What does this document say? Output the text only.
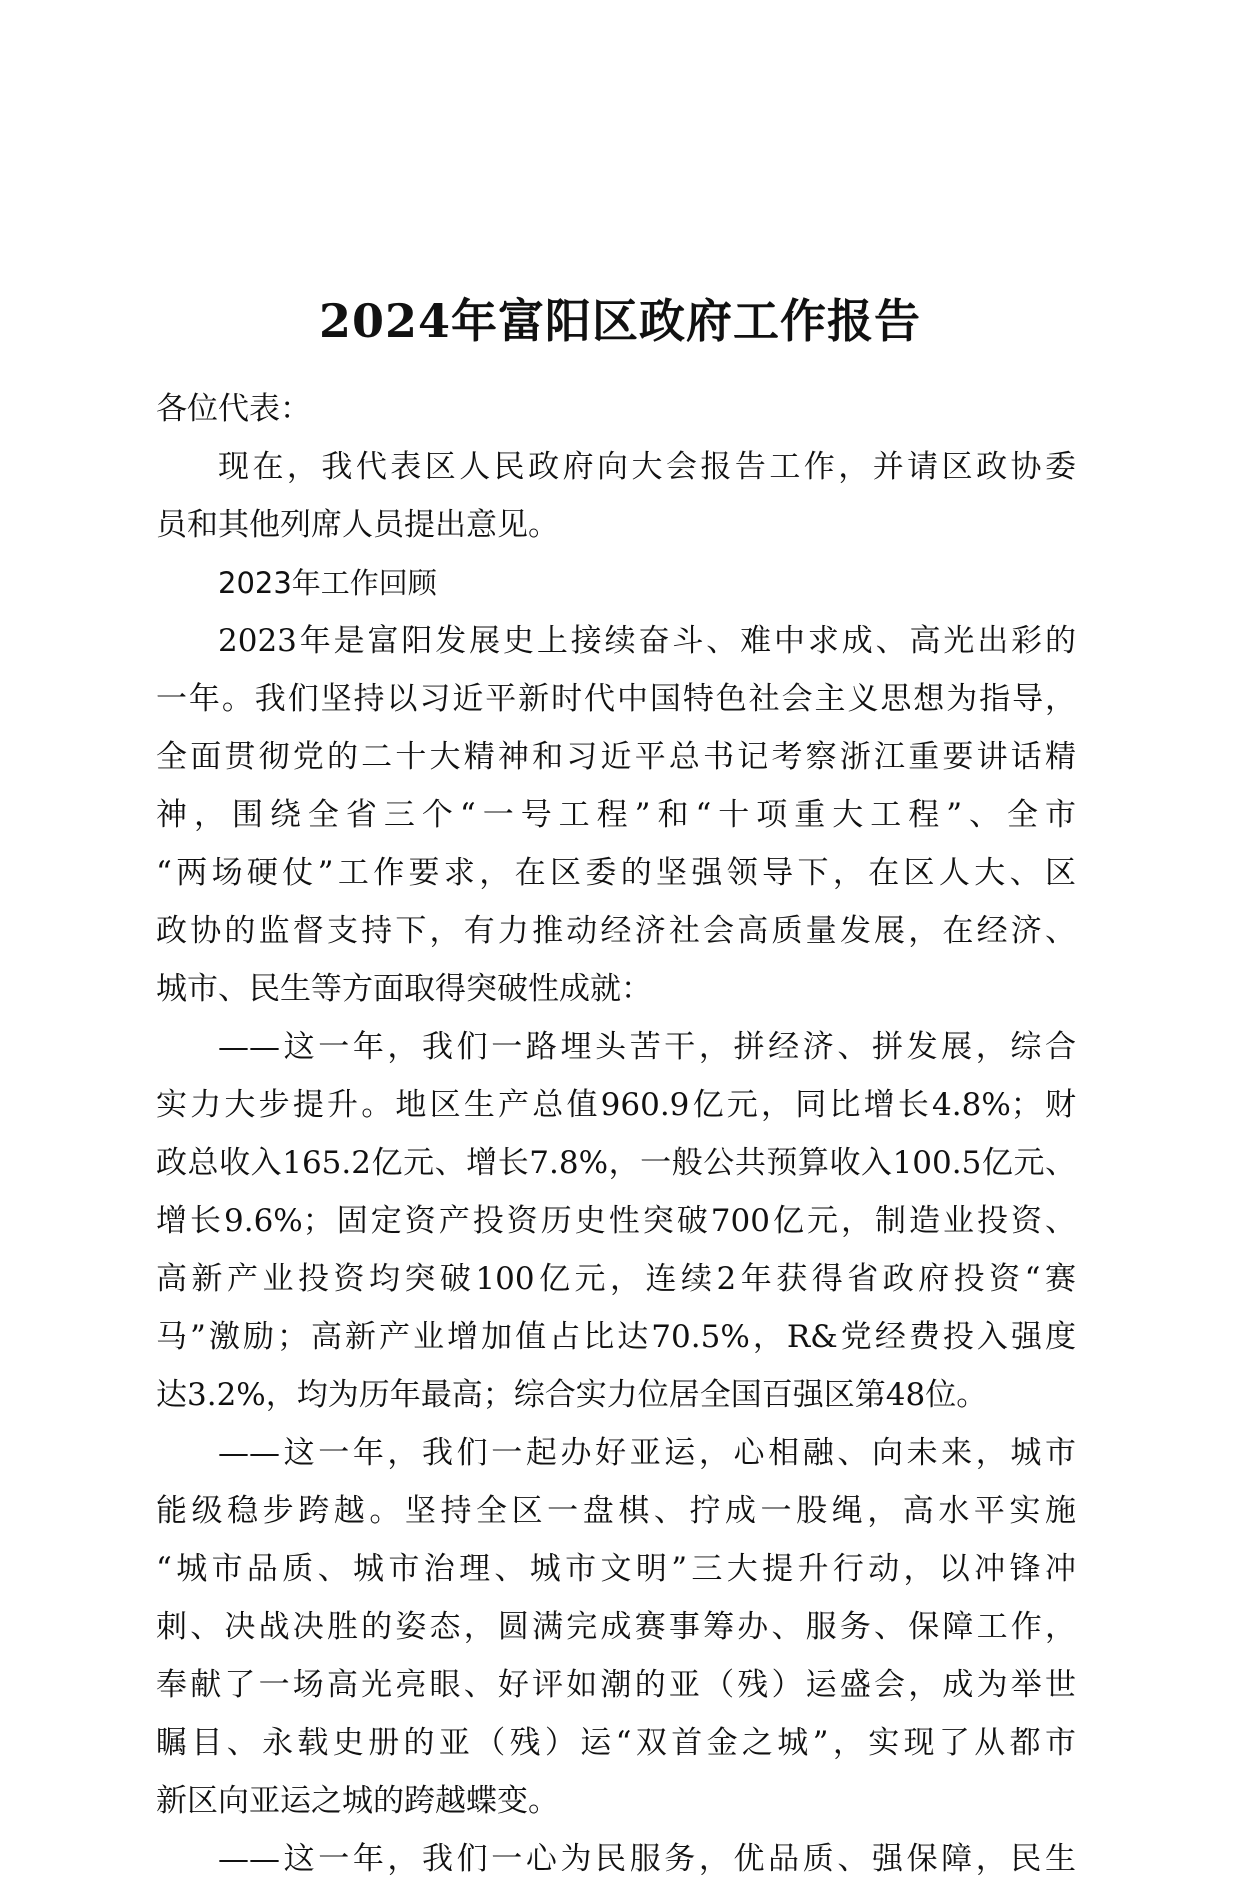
2024年富阳区政府工作报告
各位代表：
现在，我代表区人民政府向大会报告工作，并请区政协委
员和其他列席人员提出意见。
2023年工作回顾
2023年是富阳发展史上接续奋斗、难中求成、高光出彩的
一年。我们坚持以习近平新时代中国特色社会主义思想为指导，
全面贯彻党的二十大精神和习近平总书记考察浙江重要讲话精
神，围绕全省三个“一号工程”和“十项重大工程”、全市
“两场硬仗”工作要求，在区委的坚强领导下，在区人大、区
政协的监督支持下，有力推动经济社会高质量发展，在经济、
城市、民生等方面取得突破性成就：
——这一年，我们一路埋头苦干，拼经济、拼发展，综合
实力大步提升。地区生产总值960.9亿元，同比增长4.8%；财
政总收入165.2亿元、增长7.8%，一般公共预算收入100.5亿元、
增长9.6%；固定资产投资历史性突破700亿元，制造业投资、
高新产业投资均突破100亿元，连续2年获得省政府投资“赛
马”激励；高新产业增加值占比达70.5%，R&党经费投入强度
达3.2%，均为历年最高；综合实力位居全国百强区第48位。
——这一年，我们一起办好亚运，心相融、向未来，城市
能级稳步跨越。坚持全区一盘棋、拧成一股绳，高水平实施
“城市品质、城市治理、城市文明”三大提升行动，以冲锋冲
刺、决战决胜的姿态，圆满完成赛事筹办、服务、保障工作，
奉献了一场高光亮眼、好评如潮的亚（残）运盛会，成为举世
瞩目、永载史册的亚（残）运“双首金之城”，实现了从都市
新区向亚运之城的跨越蝶变。
——这一年，我们一心为民服务，优品质、强保障，民生
